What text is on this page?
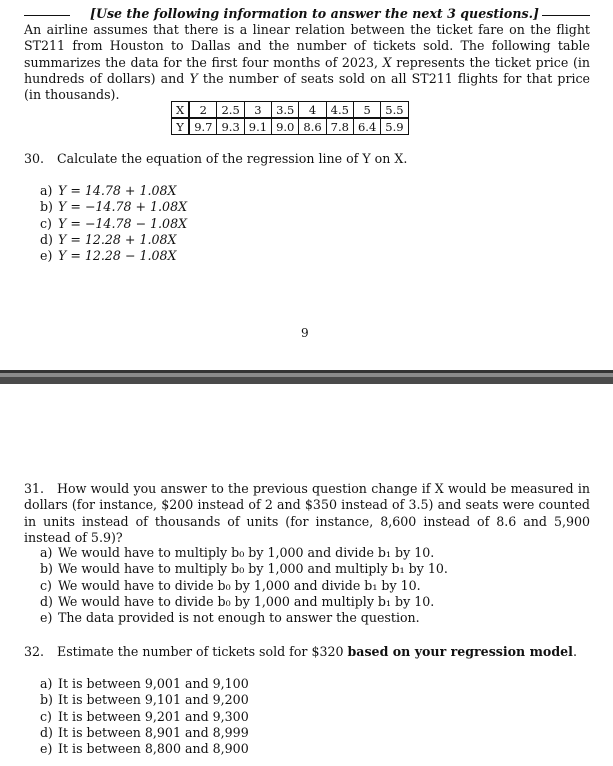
[Use the following information to answer the next 3 questions.]

An airline assumes that there is a linear relation between the ticket fare on the flight ST211 from Houston to Dallas and the number of tickets sold. The following table summarizes the data for the first four months of 2023, X represents the ticket price (in hundreds of dollars) and Y the number of seats sold on all ST211 flights for that price (in thousands).

X	2	2.5	3	3.5	4	4.5	5	5.5
Y	9.7	9.3	9.1	9.0	8.6	7.8	6.4	5.9
30. Calculate the equation of the regression line of Y on X.
a) Y = 14.78 + 1.08X
b) Y = −14.78 + 1.08X
c) Y = −14.78 − 1.08X
d) Y = 12.28 + 1.08X
e) Y = 12.28 − 1.08X
9

31. How would you answer to the previous question change if X would be measured in dollars (for instance, $200 instead of 2 and $350 instead of 3.5) and seats were counted in units instead of thousands of units (for instance, 8,600 instead of 8.6 and 5,900 instead of 5.9)?

a) We would have to multiply b₀ by 1,000 and divide b₁ by 10.
b) We would have to multiply b₀ by 1,000 and multiply b₁ by 10.
c) We would have to divide b₀ by 1,000 and divide b₁ by 10.
d) We would have to divide b₀ by 1,000 and multiply b₁ by 10.
e) The data provided is not enough to answer the question.
32. Estimate the number of tickets sold for $320 based on your regression model.
a) It is between 9,001 and 9,100
b) It is between 9,101 and 9,200
c) It is between 9,201 and 9,300
d) It is between 8,901 and 8,999
e) It is between 8,800 and 8,900
